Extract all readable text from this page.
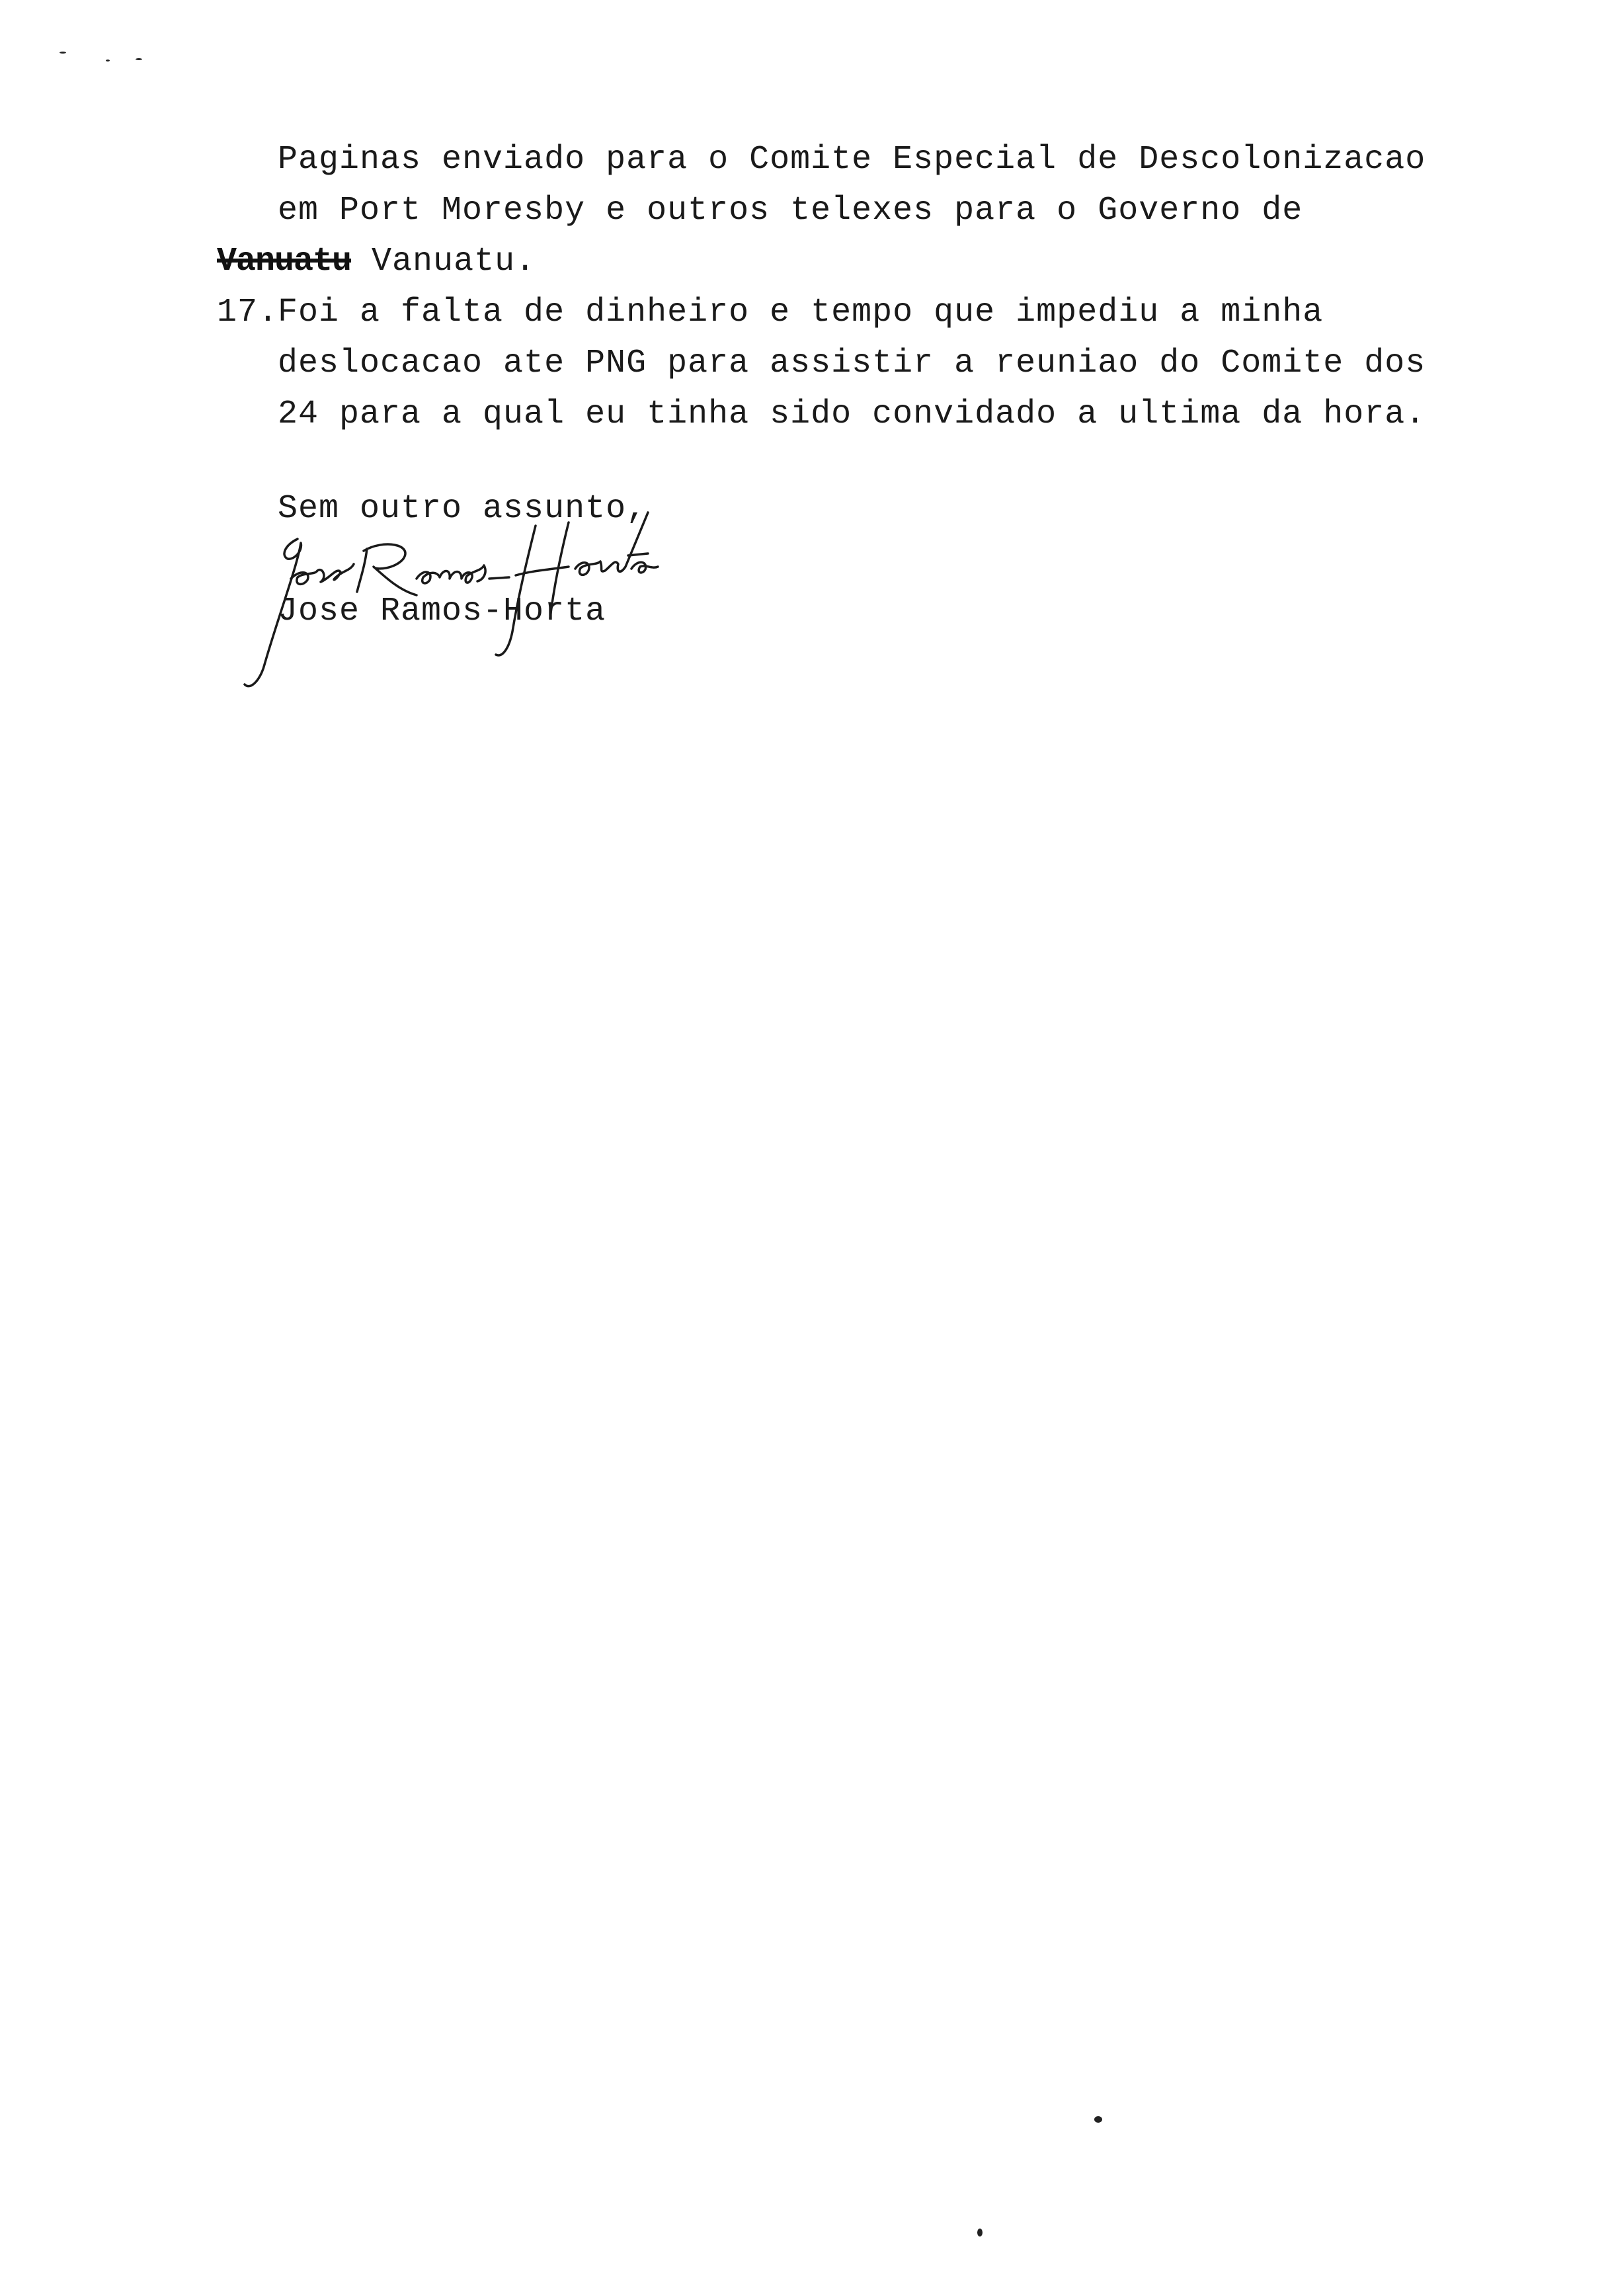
Paginas enviado para o Comite Especial de Descolonizacao
em Port Moresby e outros telexes para o Governo de
Vanuatu Vanuatu.
17.
Foi a falta de dinheiro e tempo que impediu a minha
deslocacao ate PNG para assistir a reuniao do Comite dos
24 para a qual eu tinha sido convidado a ultima da hora.
Sem outro assunto,
Jose Ramos-Horta
